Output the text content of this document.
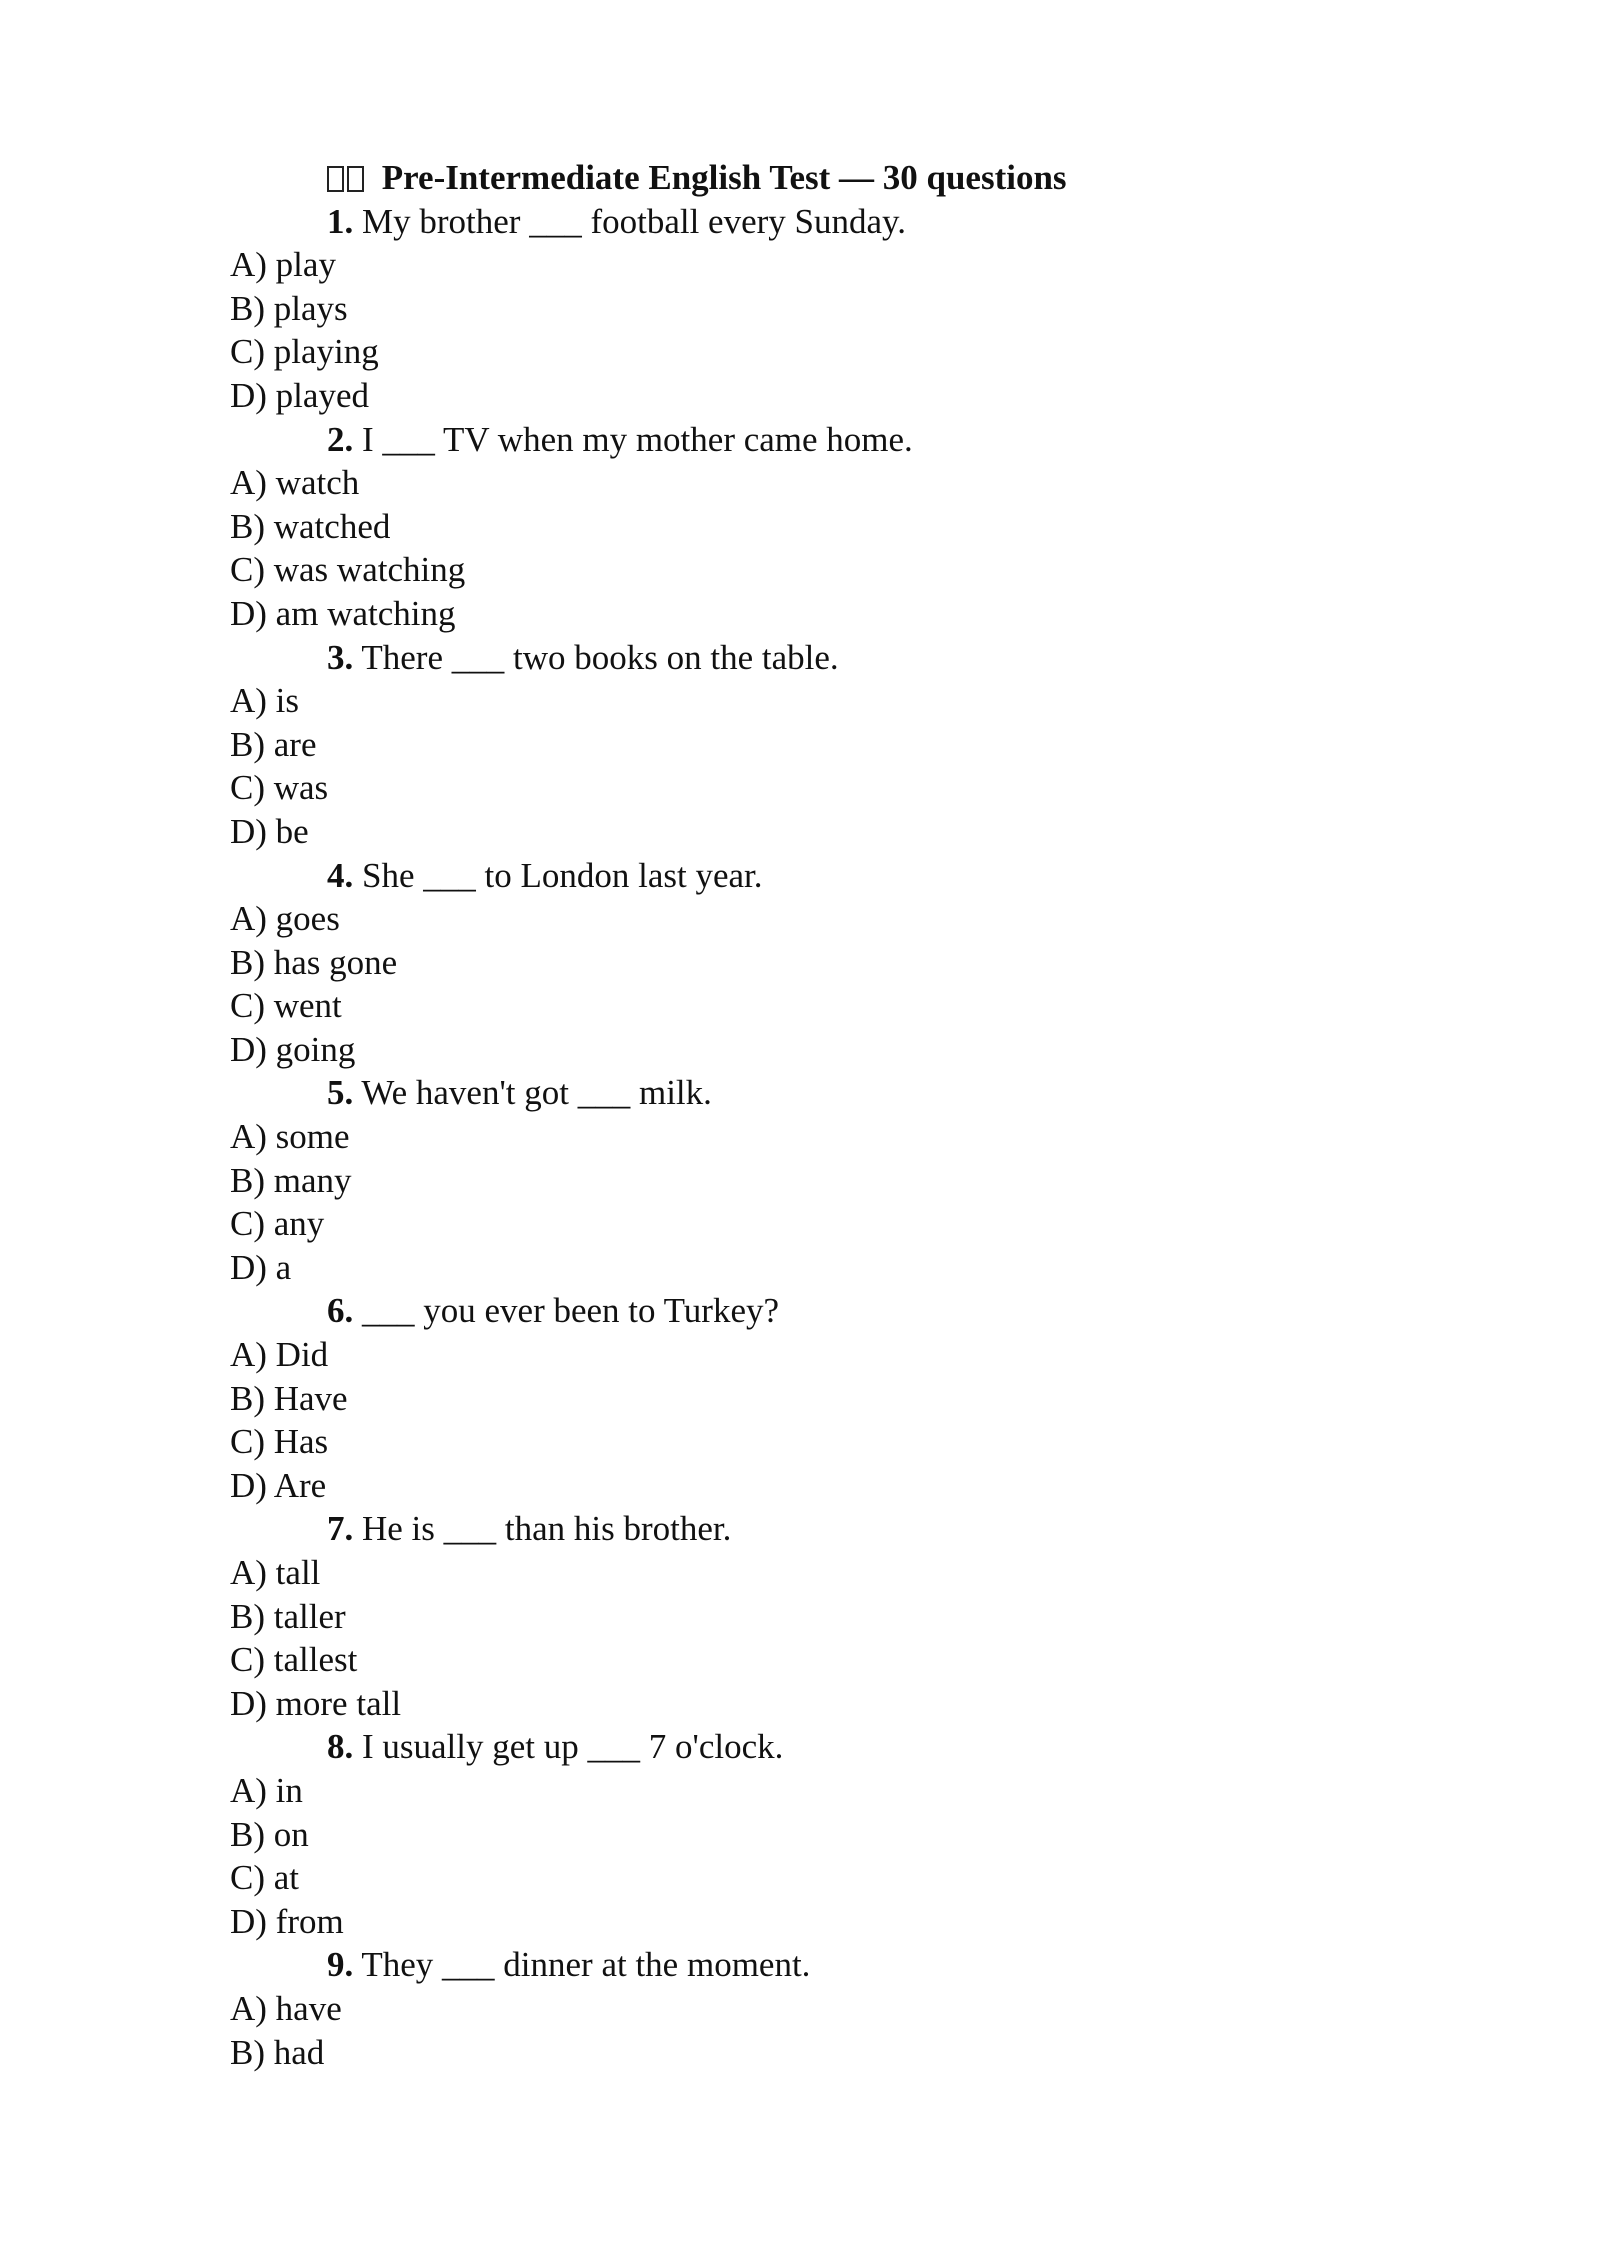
Pre-Intermediate English Test — 30 questions
1. My brother ___ football every Sunday.
A) play
B) plays
C) playing
D) played
2. I ___ TV when my mother came home.
A) watch
B) watched
C) was watching
D) am watching
3. There ___ two books on the table.
A) is
B) are
C) was
D) be
4. She ___ to London last year.
A) goes
B) has gone
C) went
D) going
5. We haven't got ___ milk.
A) some
B) many
C) any
D) a
6. ___ you ever been to Turkey?
A) Did
B) Have
C) Has
D) Are
7. He is ___ than his brother.
A) tall
B) taller
C) tallest
D) more tall
8. I usually get up ___ 7 o'clock.
A) in
B) on
C) at
D) from
9. They ___ dinner at the moment.
A) have
B) had
